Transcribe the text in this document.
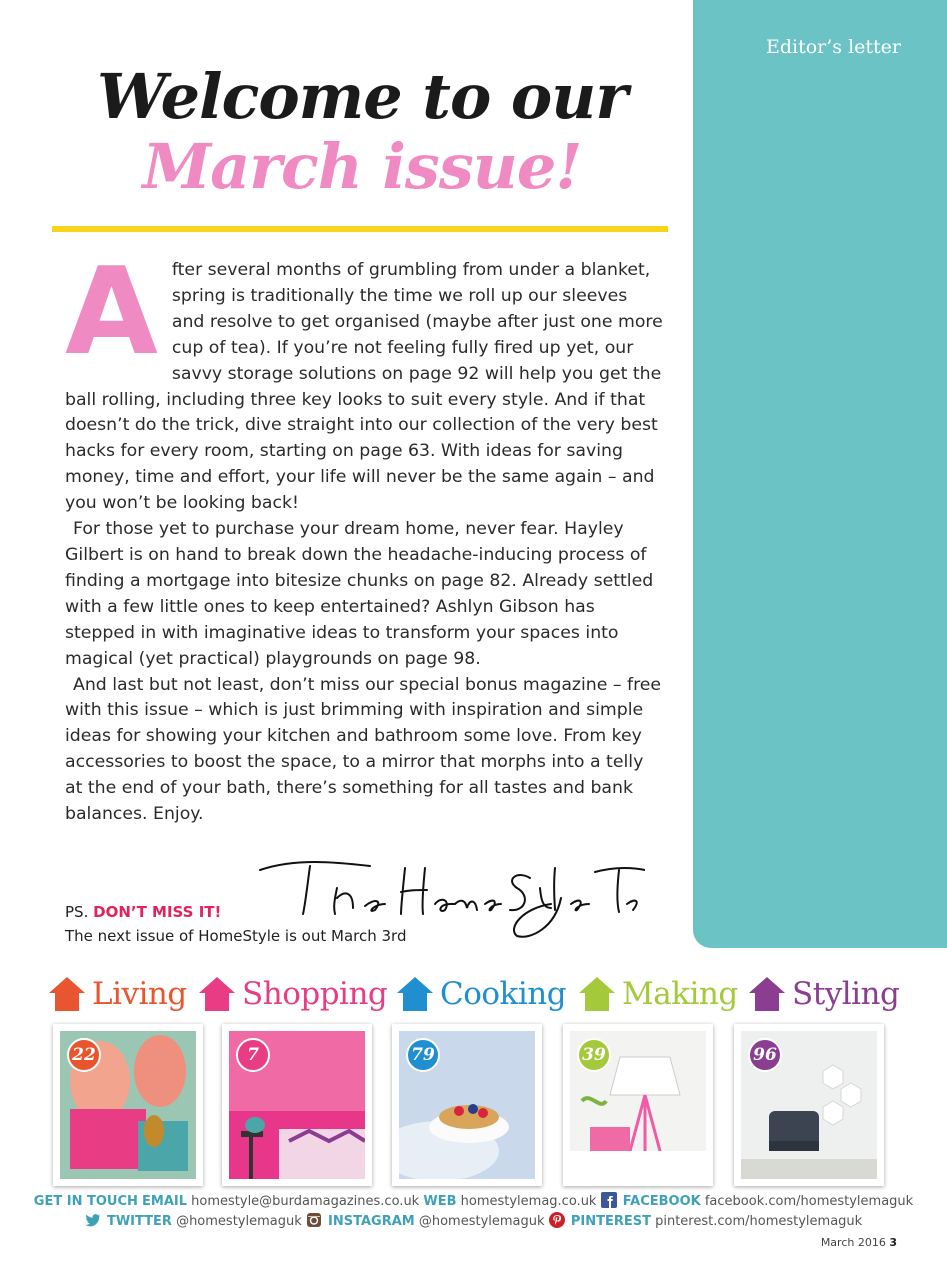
Editor’s letter
Welcome to our
March issue!
A fter several months of grumbling from under a blanket, spring is traditionally the time we roll up our sleeves and resolve to get organised (maybe after just one more cup of tea). If you’re not feeling fully fired up yet, our savvy storage solutions on page 92 will help you get the ball rolling, including three key looks to suit every style. And if that doesn’t do the trick, dive straight into our collection of the very best hacks for every room, starting on page 63. With ideas for saving money, time and effort, your life will never be the same again – and you won’t be looking back!

For those yet to purchase your dream home, never fear. Hayley Gilbert is on hand to break down the headache-inducing process of finding a mortgage into bitesize chunks on page 82. Already settled with a few little ones to keep entertained? Ashlyn Gibson has stepped in with imaginative ideas to transform your spaces into magical (yet practical) playgrounds on page 98.

And last but not least, don’t miss our special bonus magazine – free with this issue – which is just brimming with inspiration and simple ideas for showing your kitchen and bathroom some love. From key accessories to boost the space, to a mirror that morphs into a telly at the end of your bath, there’s something for all tastes and bank balances. Enjoy.

The HomeStyle Team
PS. DON’T MISS IT!
The next issue of HomeStyle is out March 3rd
Living Shopping Cooking Making Styling
22	7	79	39	96
GET IN TOUCH EMAIL homestyle@burdamagazines.co.uk WEB homestylemag.co.uk FACEBOOK facebook.com/homestylemaguk
TWITTER @homestylemaguk INSTAGRAM @homestylemaguk PINTEREST pinterest.com/homestylemaguk
March 2016 3
